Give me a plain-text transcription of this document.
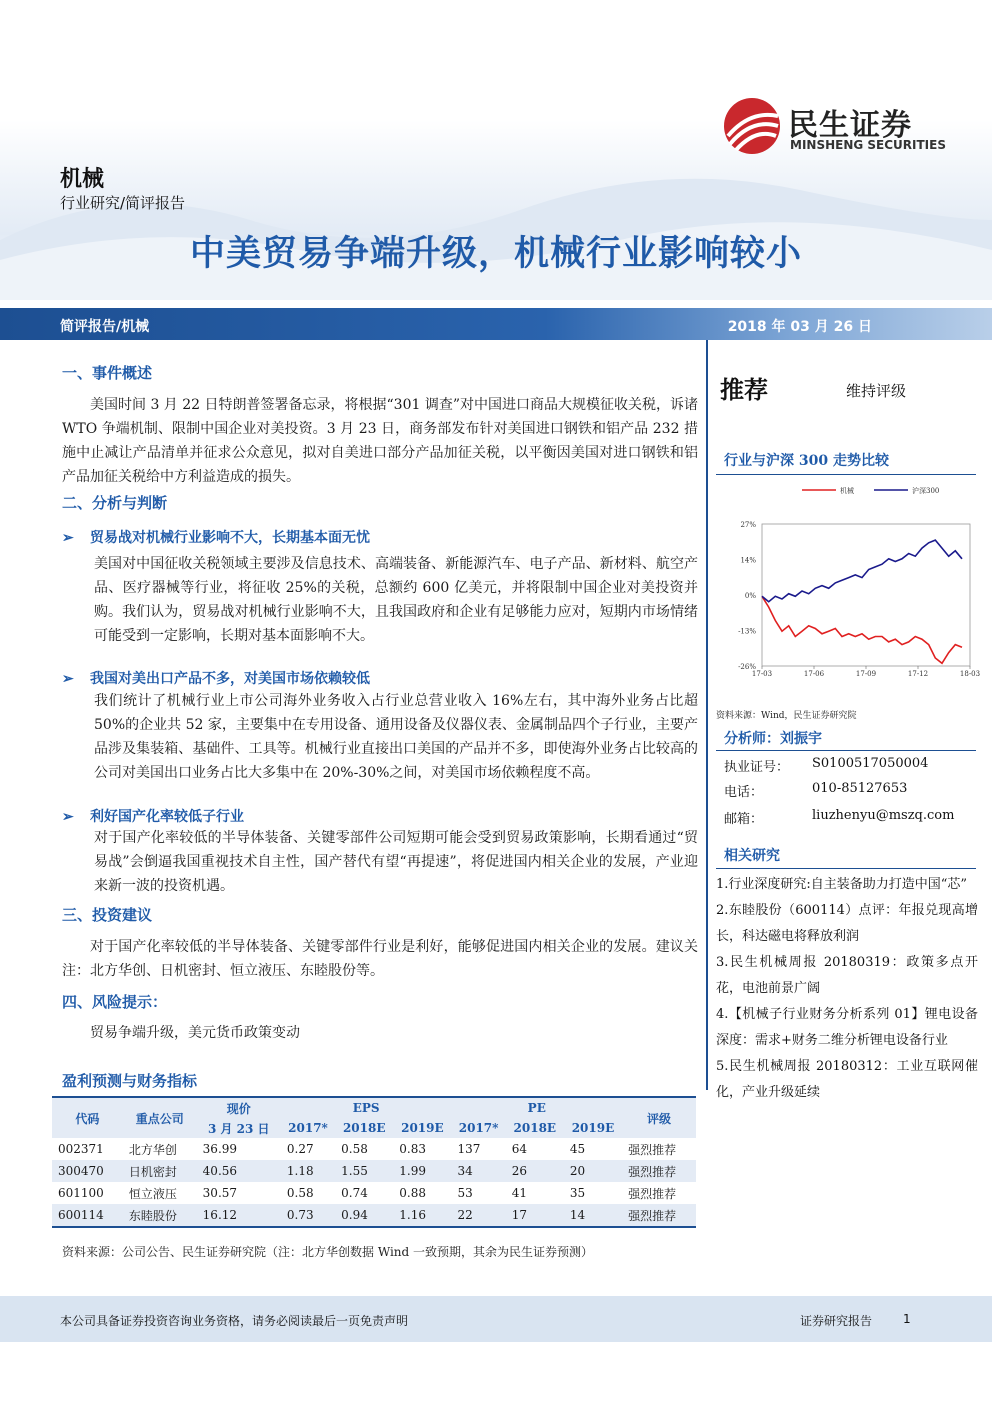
民生证券
MINSHENG SECURITIES
机械
行业研究/简评报告
中美贸易争端升级，机械行业影响较小
简评报告/机械	2018 年 03 月 26 日
一、事件概述
美国时间 3 月 22 日特朗普签署备忘录，将根据“301 调查”对中国进口商品大规模征收关税，诉诸 WTO 争端机制、限制中国企业对美投资。3 月 23 日，商务部发布针对美国进口钢铁和铝产品 232 措施中止减让产品清单并征求公众意见，拟对自美进口部分产品加征关税，以平衡因美国对进口钢铁和铝产品加征关税给中方利益造成的损失。
二、分析与判断
➢ 贸易战对机械行业影响不大，长期基本面无忧
美国对中国征收关税领域主要涉及信息技术、高端装备、新能源汽车、电子产品、新材料、航空产品、医疗器械等行业，将征收 25%的关税，总额约 600 亿美元，并将限制中国企业对美投资并购。我们认为，贸易战对机械行业影响不大，且我国政府和企业有足够能力应对，短期内市场情绪可能受到一定影响，长期对基本面影响不大。
➢ 我国对美出口产品不多，对美国市场依赖较低
我们统计了机械行业上市公司海外业务收入占行业总营业收入 16%左右，其中海外业务占比超 50%的企业共 52 家，主要集中在专用设备、通用设备及仪器仪表、金属制品四个子行业，主要产品涉及集装箱、基础件、工具等。机械行业直接出口美国的产品并不多，即使海外业务占比较高的公司对美国出口业务占比大多集中在 20%-30%之间，对美国市场依赖程度不高。
➢ 利好国产化率较低子行业
对于国产化率较低的半导体装备、关键零部件公司短期可能会受到贸易政策影响，长期看通过“贸易战”会倒逼我国重视技术自主性，国产替代有望“再提速”，将促进国内相关企业的发展，产业迎来新一波的投资机遇。
三、投资建议
对于国产化率较低的半导体装备、关键零部件行业是利好，能够促进国内相关企业的发展。建议关注：北方华创、日机密封、恒立液压、东睦股份等。
四、风险提示：
贸易争端升级，美元货币政策变动
推荐	维持评级
行业与沪深 300 走势比较
机械	沪深300
27%
14%
0%
-13%
-26%
17-03	17-06	17-09	17-12	18-03
资料来源：Wind，民生证券研究院
分析师：刘振宇
执业证号： S0100517050004
电话：	010-85127653
邮箱：	liuzhenyu@mszq.com
相关研究

1.行业深度研究:自主装备助力打造中国“芯”

2.东睦股份（600114）点评：年报兑现高增长，科达磁电将释放利润

3.民生机械周报 20180319：政策多点开花，电池前景广阔

4.【机械子行业财务分析系列 01】锂电设备深度：需求+财务二维分析锂电设备行业

5.民生机械周报 20180312：工业互联网催化，产业升级延续

盈利预测与财务指标
代码	重点公司	现价	EPS			PE			评级
		3 月 23 日	2017*	2018E	2019E	2017*	2018E	2019E	
002371	北方华创	36.99	0.27	0.58	0.83	137	64	45	强烈推荐
300470	日机密封	40.56	1.18	1.55	1.99	34	26	20	强烈推荐
601100	恒立液压	30.57	0.58	0.74	0.88	53	41	35	强烈推荐
600114	东睦股份	16.12	0.73	0.94	1.16	22	17	14	强烈推荐
资料来源：公司公告、民生证券研究院（注：北方华创数据 Wind 一致预期，其余为民生证券预测）
本公司具备证券投资咨询业务资格，请务必阅读最后一页免责声明	证券研究报告	1
